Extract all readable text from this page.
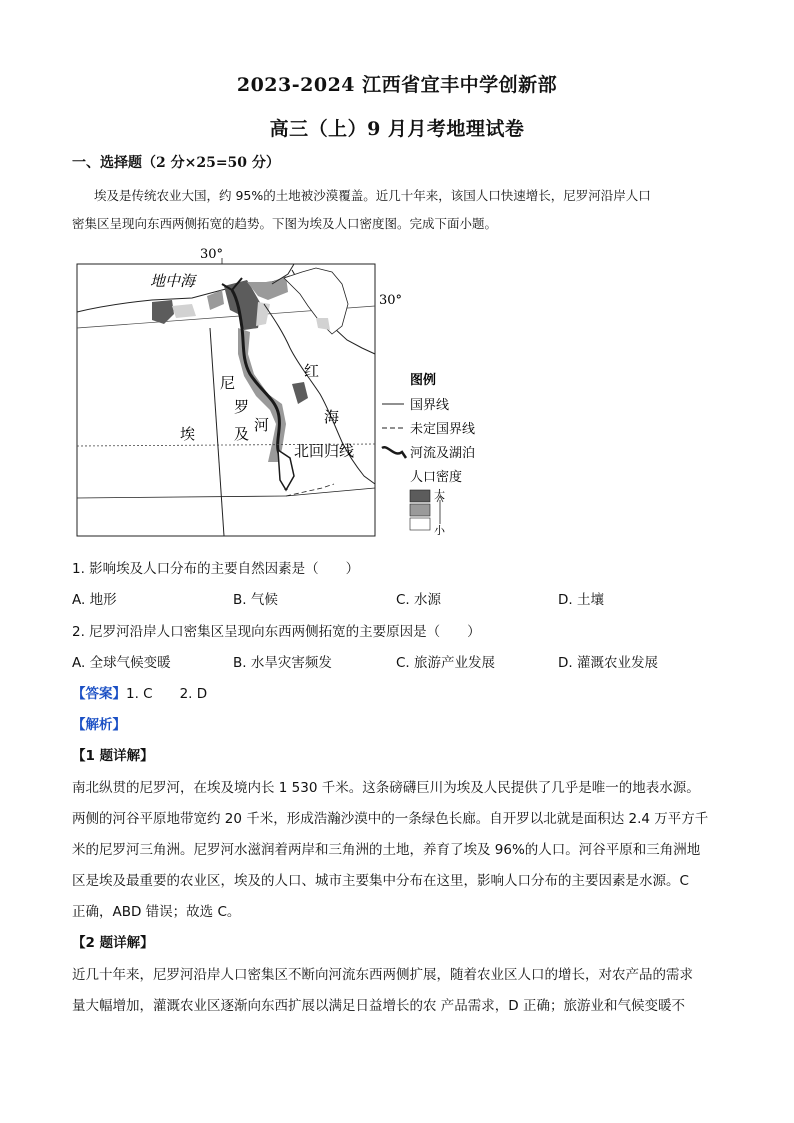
2023-2024 江西省宜丰中学创新部
高三（上）9 月月考地理试卷
一、选择题（2 分×25=50 分）
埃及是传统农业大国，约 95%的土地被沙漠覆盖。近几十年来，该国人口快速增长，尼罗河沿岸人口
密集区呈现向东西两侧拓宽的趋势。下图为埃及人口密度图。完成下面小题。
30°
30°
地中海
红
海
尼
罗
河
埃	及
北回归线
图例
国界线
未定国界线
河流及湖泊
人口密度
大
小
1. 影响埃及人口分布的主要自然因素是（　　）
A. 地形	B. 气候	C. 水源	D. 土壤
2. 尼罗河沿岸人口密集区呈现向东西两侧拓宽的主要原因是（　　）
A. 全球气候变暖	B. 水旱灾害频发	C. 旅游产业发展	D. 灌溉农业发展
【答案】1. C　　2. D
【解析】
【1 题详解】
南北纵贯的尼罗河，在埃及境内长 1 530 千米。这条磅礴巨川为埃及人民提供了几乎是唯一的地表水源。
两侧的河谷平原地带宽约 20 千米，形成浩瀚沙漠中的一条绿色长廊。自开罗以北就是面积达 2.4 万平方千
米的尼罗河三角洲。尼罗河水滋润着两岸和三角洲的土地，养育了埃及 96%的人口。河谷平原和三角洲地
区是埃及最重要的农业区，埃及的人口、城市主要集中分布在这里，影响人口分布的主要因素是水源。C
正确，ABD 错误；故选 C。
【2 题详解】
近几十年来，尼罗河沿岸人口密集区不断向河流东西两侧扩展，随着农业区人口的增长，对农产品的需求
量大幅增加，灌溉农业区逐渐向东西扩展以满足日益增长的农 产品需求，D 正确；旅游业和气候变暖不
